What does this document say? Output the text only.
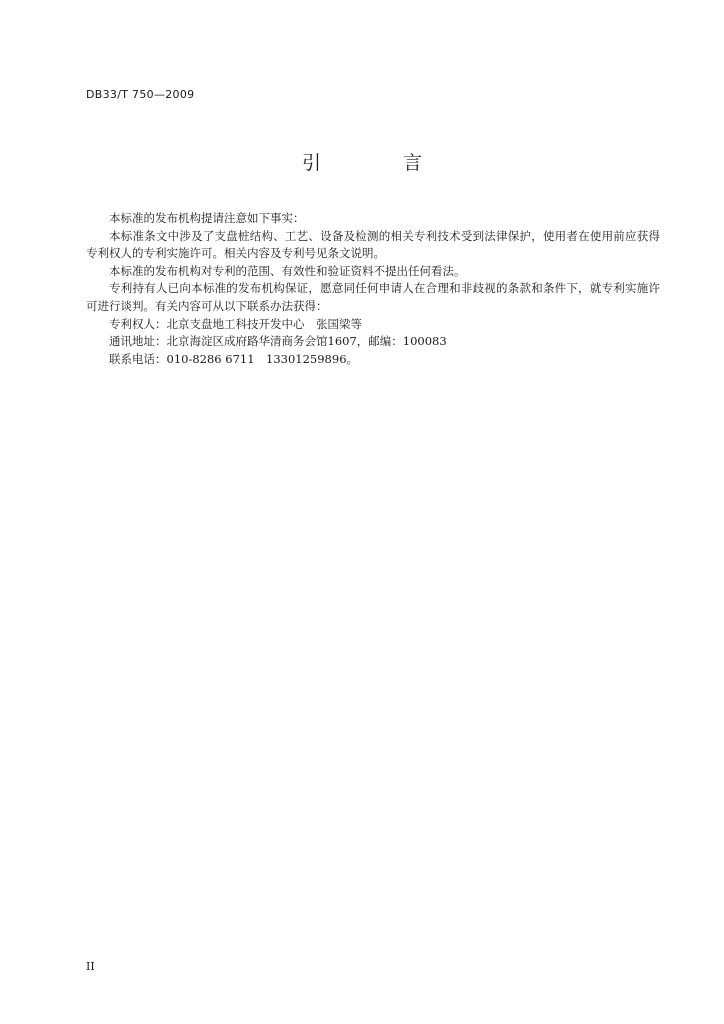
DB33/T 750—2009
引 言

本标准的发布机构提请注意如下事实：

本标准条文中涉及了支盘桩结构、工艺、设备及检测的相关专利技术受到法律保护，使用者在使用前应获得专利权人的专利实施许可。相关内容及专利号见条文说明。

本标准的发布机构对专利的范围、有效性和验证资料不提出任何看法。

专利持有人已向本标准的发布机构保证，愿意同任何申请人在合理和非歧视的条款和条件下，就专利实施许可进行谈判。有关内容可从以下联系办法获得：

专利权人：北京支盘地工科技开发中心　张国梁等

通讯地址：北京海淀区成府路华清商务会馆1607，邮编：100083

联系电话：010-8286 6711　13301259896。

II
